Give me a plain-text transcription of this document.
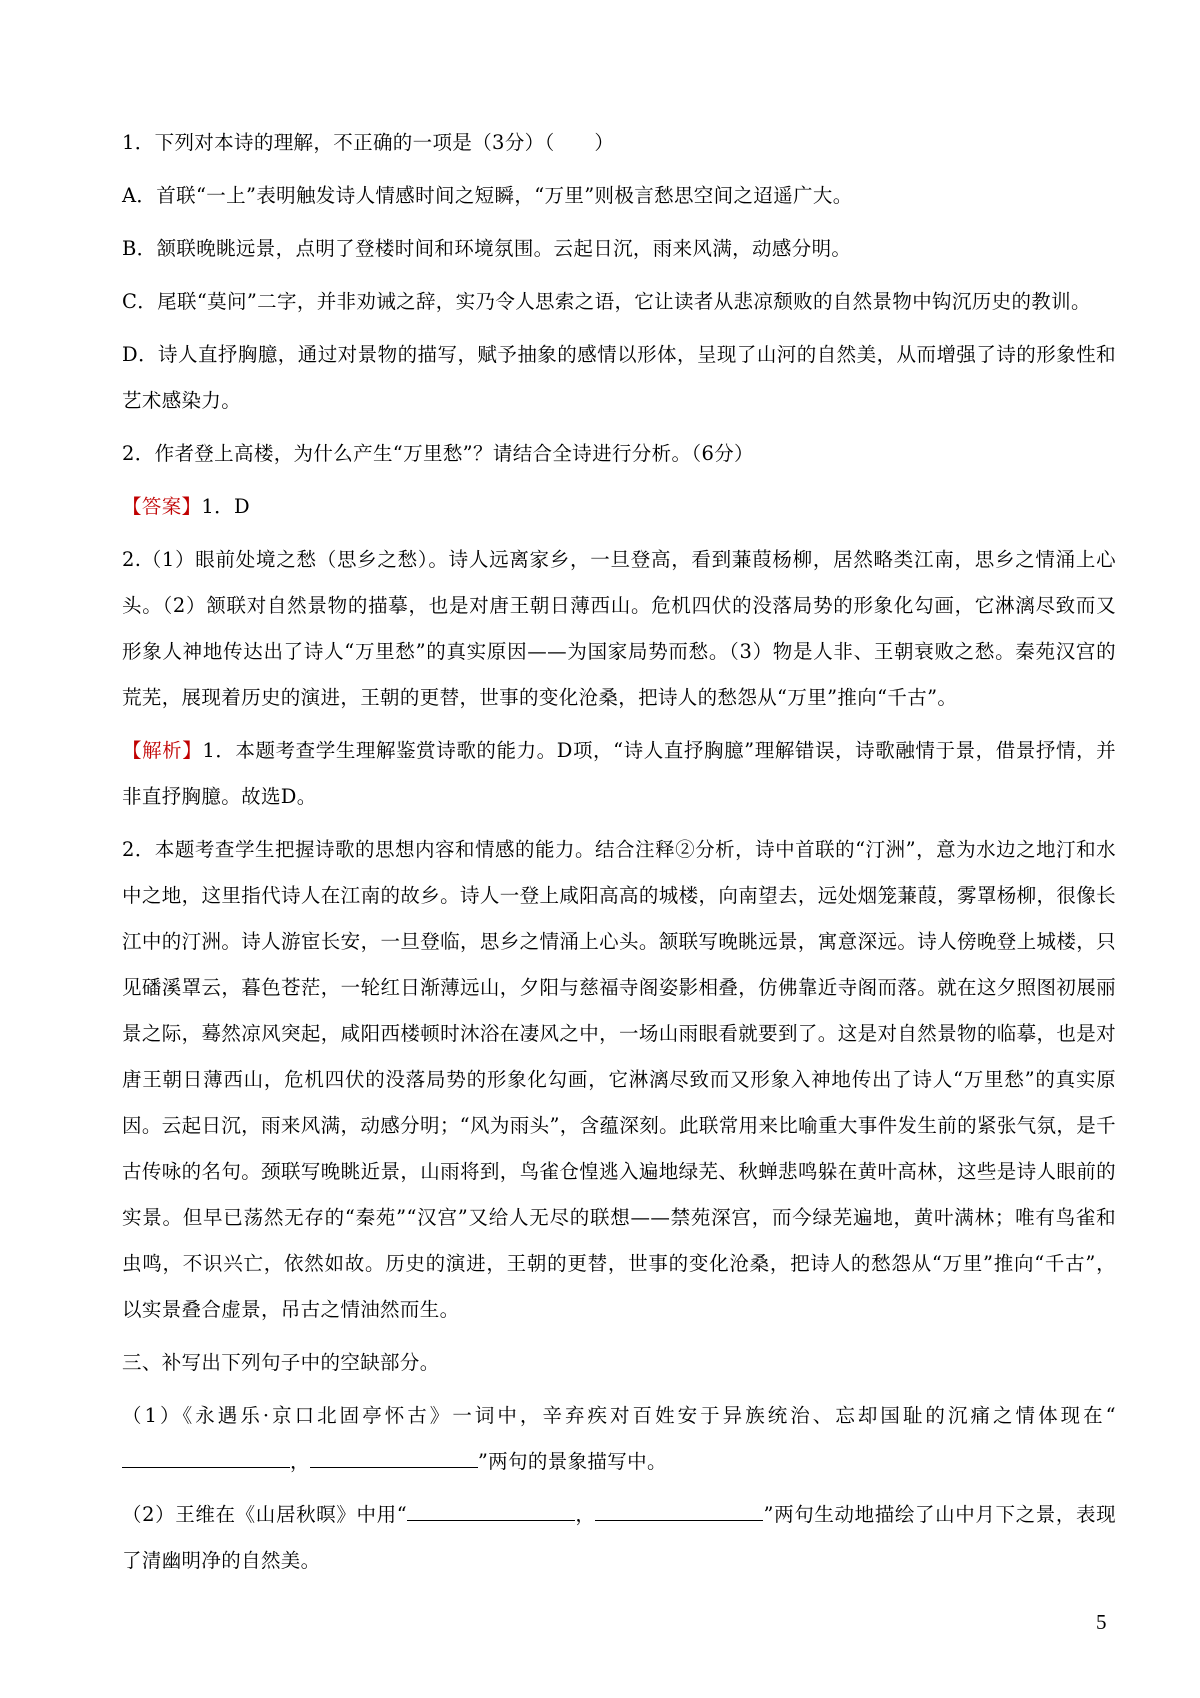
1．下列对本诗的理解，不正确的一项是（3分）（　　）

A．首联“一上”表明触发诗人情感时间之短瞬，“万里”则极言愁思空间之迢遥广大。

B．颔联晚眺远景，点明了登楼时间和环境氛围。云起日沉，雨来风满，动感分明。

C．尾联“莫问”二字，并非劝诫之辞，实乃令人思索之语，它让读者从悲凉颓败的自然景物中钩沉历史的教训。

D．诗人直抒胸臆，通过对景物的描写，赋予抽象的感情以形体，呈现了山河的自然美，从而增强了诗的形象性和艺术感染力。

2．作者登上高楼，为什么产生“万里愁”？请结合全诗进行分析。（6分）

【答案】1．D

2.（1）眼前处境之愁（思乡之愁）。诗人远离家乡，一旦登高，看到蒹葭杨柳，居然略类江南，思乡之情涌上心头。（2）颔联对自然景物的描摹，也是对唐王朝日薄西山。危机四伏的没落局势的形象化勾画，它淋漓尽致而又形象人神地传达出了诗人“万里愁”的真实原因——为国家局势而愁。（3）物是人非、王朝衰败之愁。秦苑汉宫的荒芜，展现着历史的演进，王朝的更替，世事的变化沧桑，把诗人的愁怨从“万里”推向“千古”。

【解析】1．本题考查学生理解鉴赏诗歌的能力。D项，“诗人直抒胸臆”理解错误，诗歌融情于景，借景抒情，并非直抒胸臆。故选D。

2．本题考查学生把握诗歌的思想内容和情感的能力。结合注释②分析，诗中首联的“汀洲”，意为水边之地汀和水中之地，这里指代诗人在江南的故乡。诗人一登上咸阳高高的城楼，向南望去，远处烟笼蒹葭，雾罩杨柳，很像长江中的汀洲。诗人游宦长安，一旦登临，思乡之情涌上心头。颔联写晚眺远景，寓意深远。诗人傍晚登上城楼，只见磻溪罩云，暮色苍茫，一轮红日渐薄远山，夕阳与慈福寺阁姿影相叠，仿佛靠近寺阁而落。就在这夕照图初展丽景之际，蓦然凉风突起，咸阳西楼顿时沐浴在凄风之中，一场山雨眼看就要到了。这是对自然景物的临摹，也是对唐王朝日薄西山，危机四伏的没落局势的形象化勾画，它淋漓尽致而又形象入神地传出了诗人“万里愁”的真实原因。云起日沉，雨来风满，动感分明；“风为雨头”，含蕴深刻。此联常用来比喻重大事件发生前的紧张气氛，是千古传咏的名句。颈联写晚眺近景，山雨将到，鸟雀仓惶逃入遍地绿芜、秋蝉悲鸣躲在黄叶高林，这些是诗人眼前的实景。但早已荡然无存的“秦苑”“汉宫”又给人无尽的联想——禁苑深宫，而今绿芜遍地，黄叶满林；唯有鸟雀和虫鸣，不识兴亡，依然如故。历史的演进，王朝的更替，世事的变化沧桑，把诗人的愁怨从“万里”推向“千古”，以实景叠合虚景，吊古之情油然而生。

三、补写出下列句子中的空缺部分。

（1）《永遇乐·京口北固亭怀古》一词中，辛弃疾对百姓安于异族统治、忘却国耻的沉痛之情体现在“，	”两句的景象描写中。

（2）王维在《山居秋暝》中用“	，	”两句生动地描绘了山中月下之景，表现了清幽明净的自然美。

5
